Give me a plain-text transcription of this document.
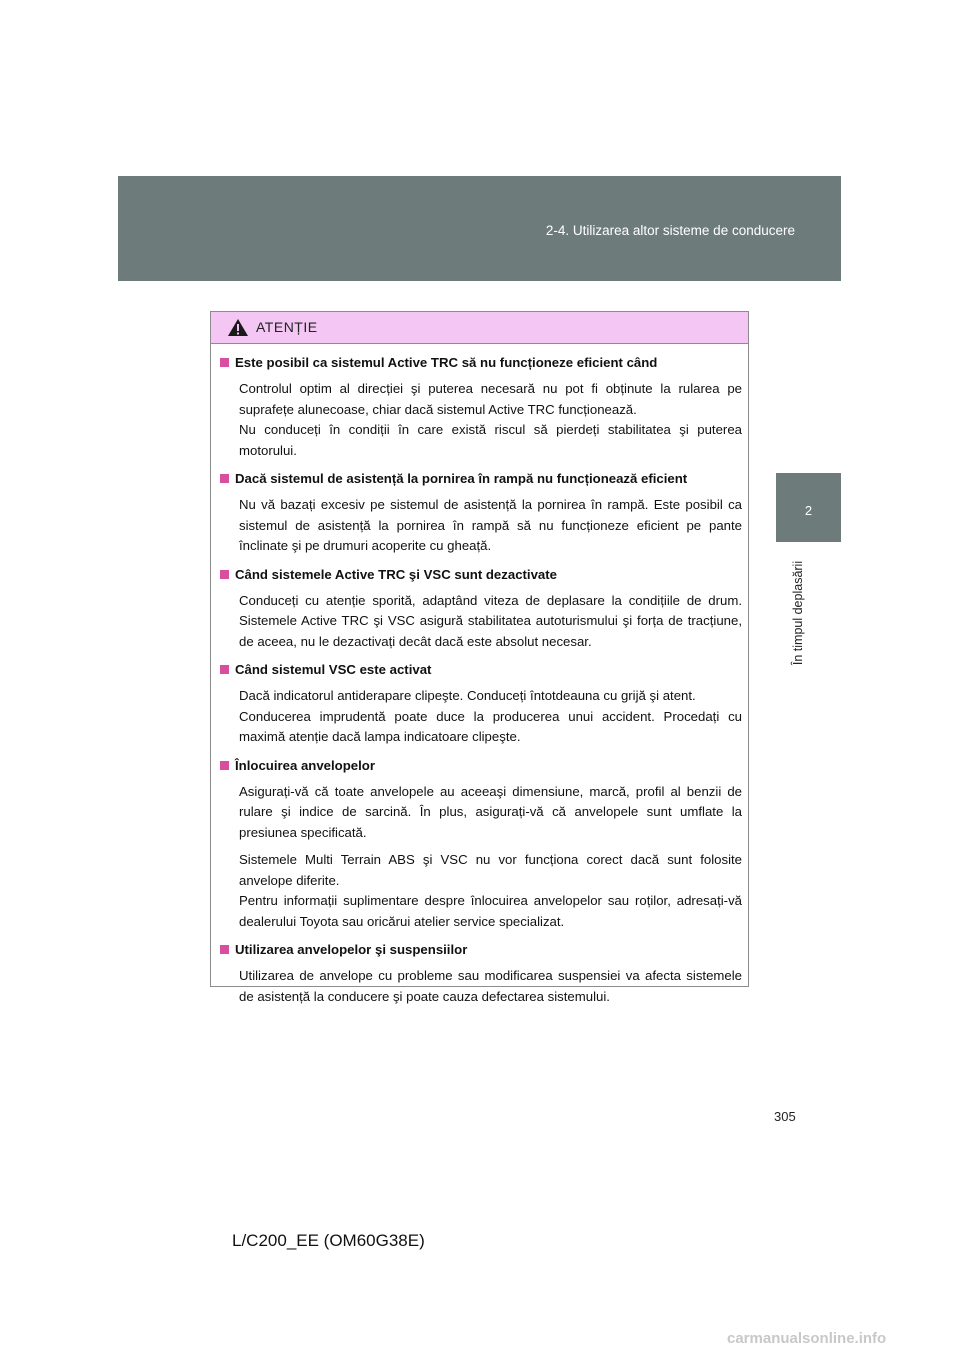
2-4. Utilizarea altor sisteme de conducere
2
În timpul deplasării
ATENȚIE
Este posibil ca sistemul Active TRC să nu funcționeze eficient când
Controlul optim al direcției şi puterea necesară nu pot fi obținute la rularea pe suprafețe alunecoase, chiar dacă sistemul Active TRC funcționează.
Nu conduceți în condiții în care există riscul să pierdeți stabilitatea şi puterea motorului.
Dacă sistemul de asistență la pornirea în rampă nu funcționează eficient
Nu vă bazați excesiv pe sistemul de asistență la pornirea în rampă. Este posibil ca sistemul de asistență la pornirea în rampă să nu funcționeze eficient pe pante înclinate şi pe drumuri acoperite cu gheață.
Când sistemele Active TRC şi VSC sunt dezactivate
Conduceți cu atenție sporită, adaptând viteza de deplasare la condițiile de drum. Sistemele Active TRC şi VSC asigură stabilitatea autoturismului şi forța de tracțiune, de aceea, nu le dezactivați decât dacă este absolut necesar.
Când sistemul VSC este activat
Dacă indicatorul antiderapare clipeşte. Conduceți întotdeauna cu grijă şi atent.
Conducerea imprudentă poate duce la producerea unui accident. Procedați cu maximă atenție dacă lampa indicatoare clipeşte.
Înlocuirea anvelopelor
Asigurați-vă că toate anvelopele au aceeaşi dimensiune, marcă, profil al benzii de rulare şi indice de sarcină. În plus, asigurați-vă că anvelopele sunt umflate la presiunea specificată.
Sistemele Multi Terrain ABS şi VSC nu vor funcționa corect dacă sunt folosite anvelope diferite.
Pentru informații suplimentare despre înlocuirea anvelopelor sau roților, adresați-vă dealerului Toyota sau oricărui atelier service specializat.
Utilizarea anvelopelor şi suspensiilor
Utilizarea de anvelope cu probleme sau modificarea suspensiei va afecta sistemele de asistență la conducere şi poate cauza defectarea sistemului.
305
L/C200_EE (OM60G38E)
carmanualsonline.info
